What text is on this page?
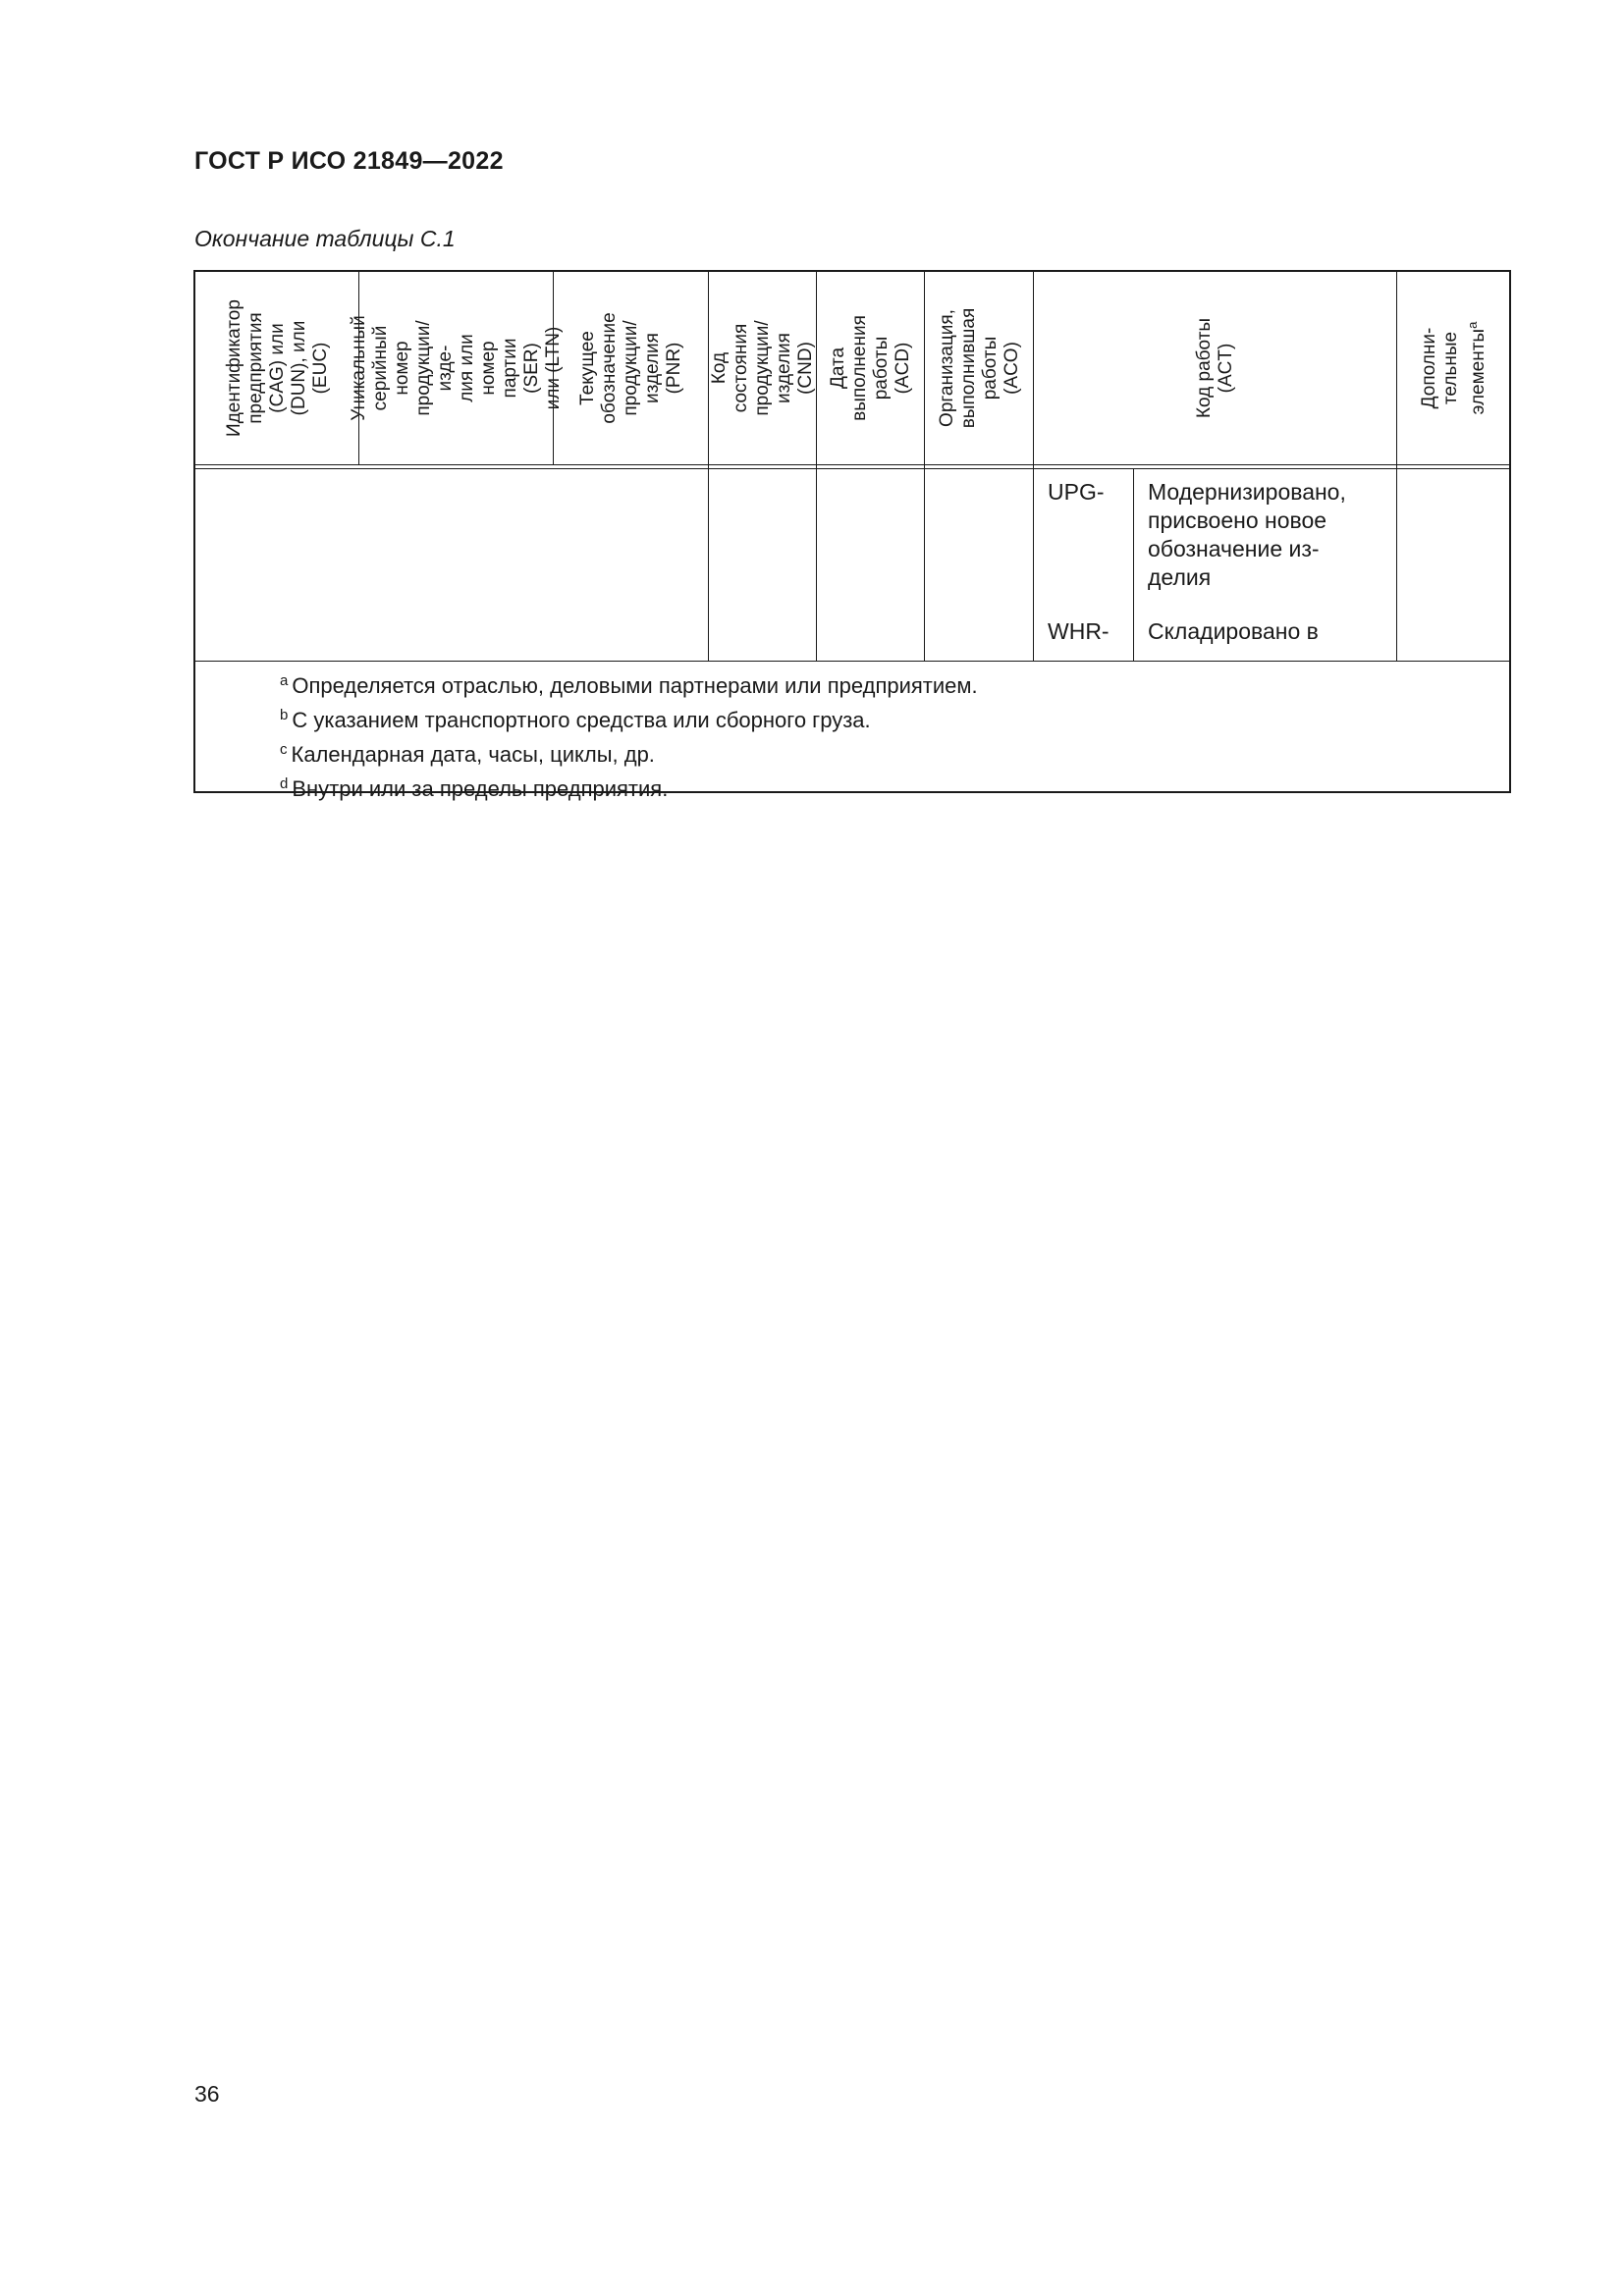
ГОСТ Р ИСО 21849—2022
Окончание таблицы С.1
Идентификатор
предприятия
(CAG) или
(DUN), или (EUC) Уникальный
серийный номер
продукции/изде-
лия или номер
партии (SER)
или (LTN) Текущее
обозначение
продукции/
изделия (PNR) Код состояния
продукции/
изделия (CND) Дата выполнения
работы (ACD) Организация,
выполнившая
работы (ACO)
Код работы
(ACT)	Дополни-
тельные
элементы$^a$
UPG- Модернизировано,
присвоено новое
обозначение из-
делия
WHR- Складировано в
$^a$ Определяется отраслью, деловыми партнерами или предприятием.
$^b$ С указанием транспортного средства или сборного груза.
$^c$ Календарная дата, часы, циклы, др.
$^d$ Внутри или за пределы предприятия.
36
